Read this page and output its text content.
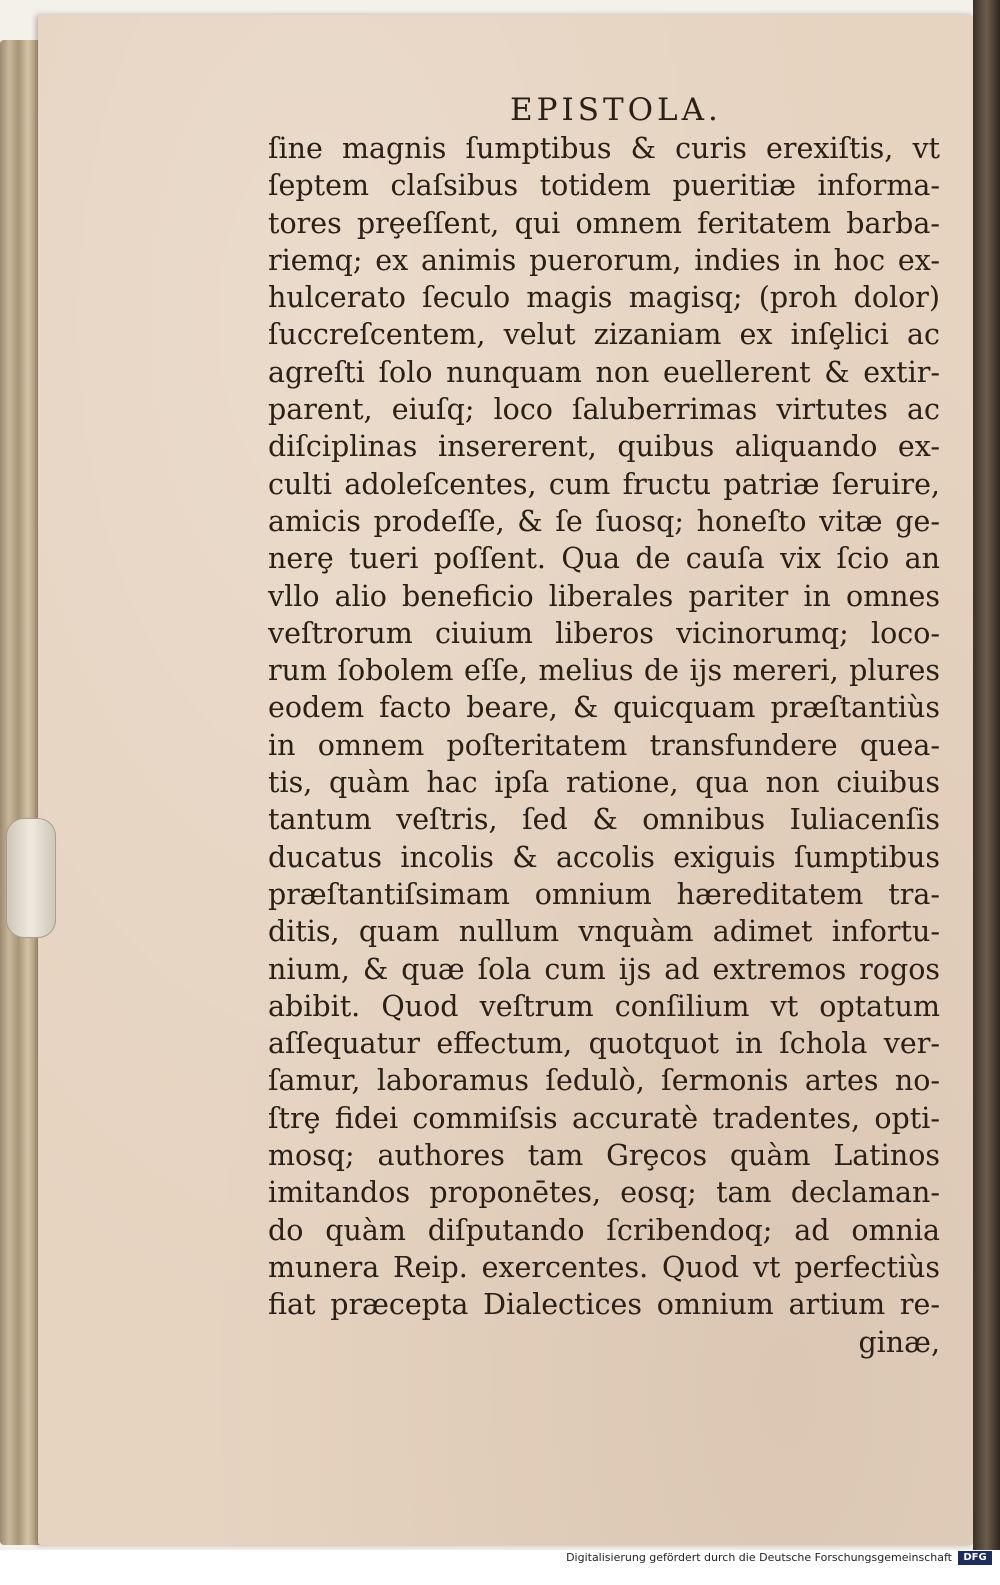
EPISTOLA.
ſine magnis ſumptibus & curis erexiſtis, vt
ſeptem claſsibus totidem pueritiæ informa-
tores prȩeſſent, qui omnem feritatem barba-
riemq; ex animis puerorum, indies in hoc ex-
hulcerato ſeculo magis magisq; (proh dolor)
ſuccreſcentem, velut zizaniam ex inſȩlici ac
agreſti ſolo nunquam non euellerent & extir-
parent, eiuſq; loco ſaluberrimas virtutes ac
diſciplinas insererent, quibus aliquando ex-
culti adoleſcentes, cum fructu patriæ ſeruire,
amicis prodeſſe, & ſe ſuosq; honeſto vitæ ge-
nerȩ tueri poſſent. Qua de cauſa vix ſcio an
vllo alio beneficio liberales pariter in omnes
veſtrorum ciuium liberos vicinorumq; loco-
rum ſobolem eſſe, melius de ijs mereri, plures
eodem facto beare, & quicquam præſtantiùs
in omnem poſteritatem transfundere quea-
tis, quàm hac ipſa ratione, qua non ciuibus
tantum veſtris, ſed & omnibus Iuliacenſis
ducatus incolis & accolis exiguis ſumptibus
præſtantiſsimam omnium hæreditatem tra-
ditis, quam nullum vnquàm adimet infortu-
nium, & quæ ſola cum ijs ad extremos rogos
abibit. Quod veſtrum conſilium vt optatum
aſſequatur effectum, quotquot in ſchola ver-
ſamur, laboramus ſedulò, ſermonis artes no-
ſtrȩ fidei commiſsis accuratè tradentes, opti-
mosq; authores tam Grȩcos quàm Latinos
imitandos proponētes, eosq; tam declaman-
do quàm diſputando ſcribendoq; ad omnia
munera Reip. exercentes. Quod vt perfectiùs
fiat præcepta Dialectices omnium artium re-
ginæ,
Digitalisierung gefördert durch die Deutsche Forschungsgemeinschaft	DFG
